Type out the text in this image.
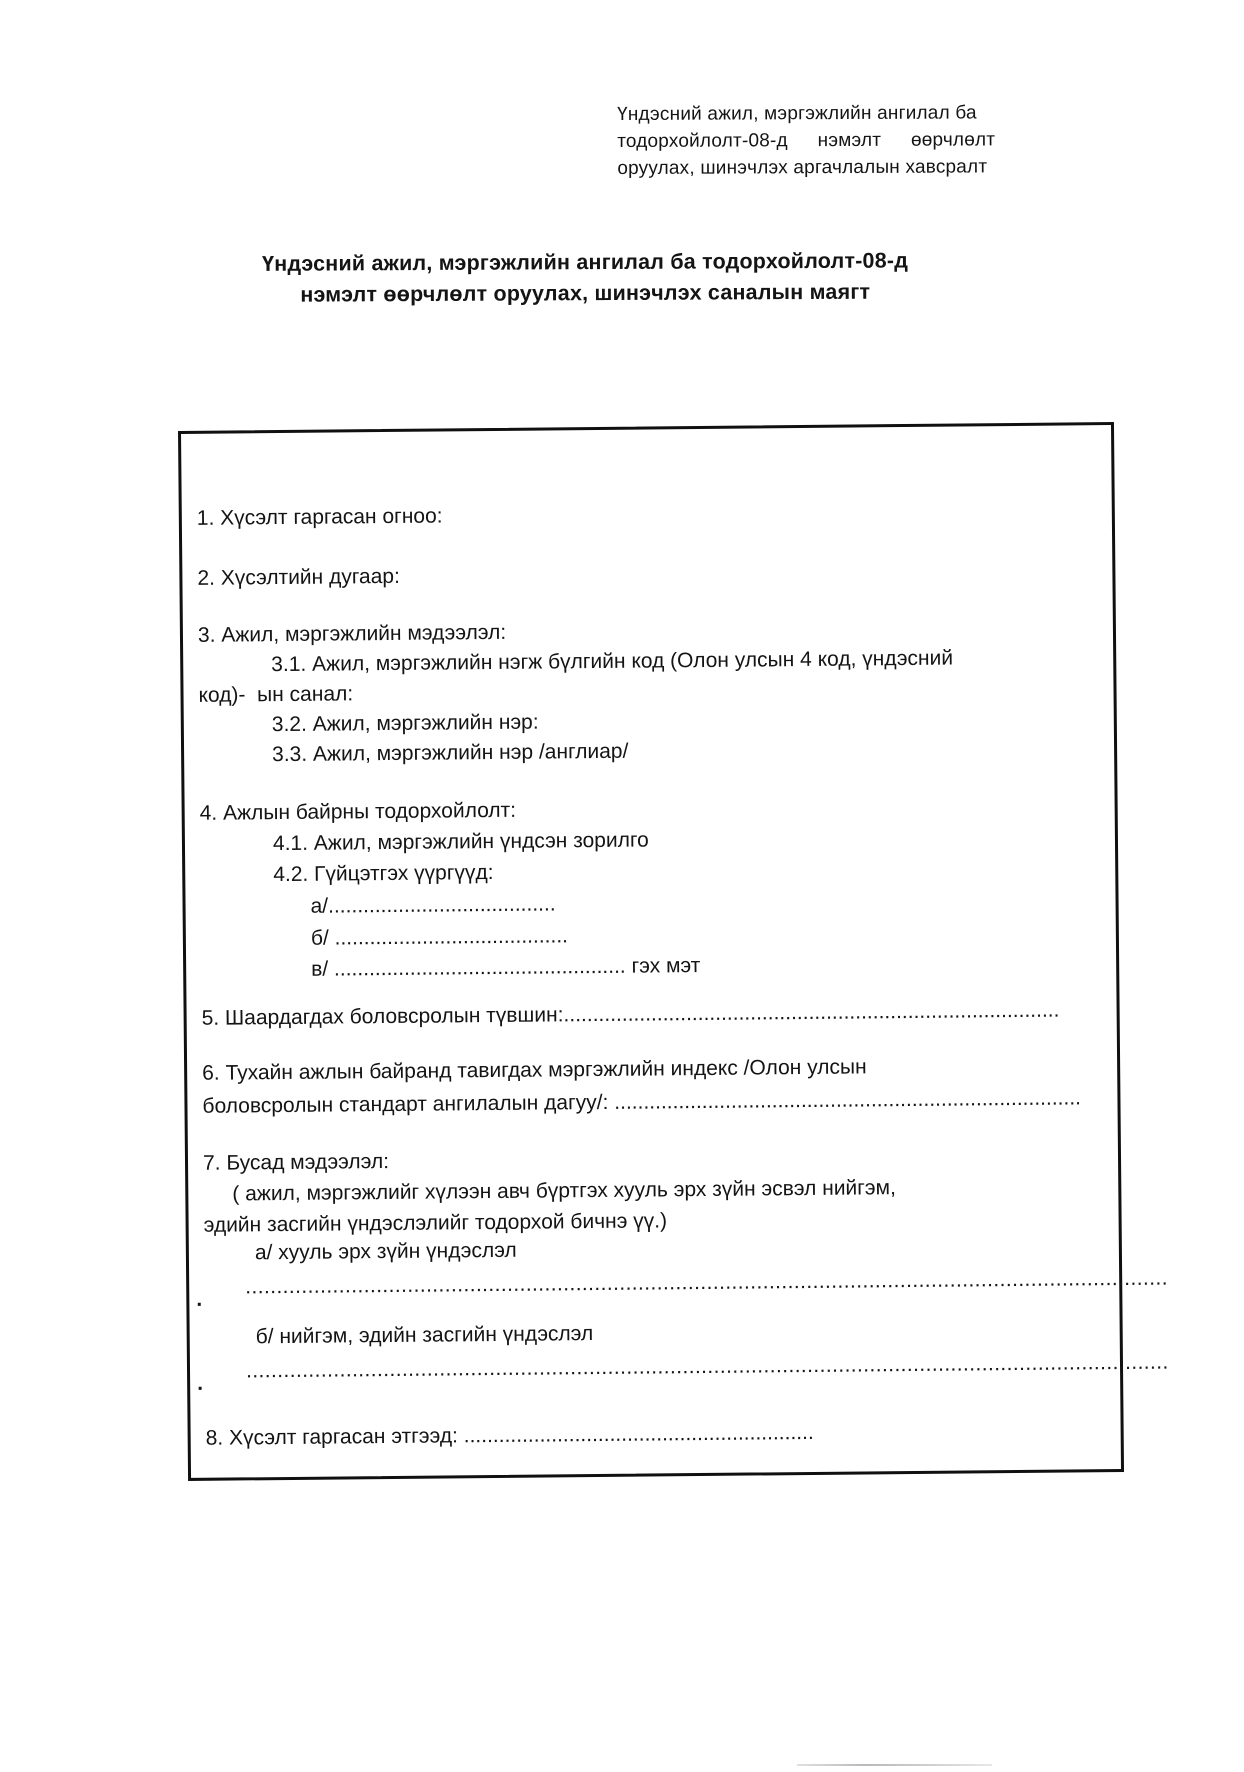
Үндэсний ажил, мэргэжлийн ангилал ба
тодорхойлолт-08-д нэмэлт өөрчлөлт
оруулах, шинэчлэх аргачлалын хавсралт
Үндэсний ажил, мэргэжлийн ангилал ба тодорхойлолт-08-д
нэмэлт өөрчлөлт оруулах, шинэчлэх саналын маягт
1. Хүсэлт гаргасан огноо:
2. Хүсэлтийн дугаар:
3. Ажил, мэргэжлийн мэдээлэл:
3.1. Ажил, мэргэжлийн нэгж бүлгийн код (Олон улсын 4 код, үндэсний
код)-  ын санал:
3.2. Ажил, мэргэжлийн нэр:
3.3. Ажил, мэргэжлийн нэр /англиар/
4. Ажлын байрны тодорхойлолт:
4.1. Ажил, мэргэжлийн үндсэн зорилго
4.2. Гүйцэтгэх үүргүүд:
а/.......................................
б/ ........................................
в/ .................................................. гэх мэт
5. Шаардагдах боловсролын түвшин:.....................................................................................
6. Тухайн ажлын байранд тавигдах мэргэжлийн индекс /Олон улсын
боловсролын стандарт ангилалын дагуу/: ................................................................................
7. Бусад мэдээлэл:
( ажил, мэргэжлийг хүлээн авч бүртгэх хууль эрх зүйн эсвэл нийгэм,
эдийн засгийн үндэслэлийг тодорхой бичнэ үү.)
а/ хууль эрх зүйн үндэслэл
....................................................................................................................................................
.
б/ нийгэм, эдийн засгийн үндэслэл
....................................................................................................................................................
.
8. Хүсэлт гаргасан этгээд: ............................................................
